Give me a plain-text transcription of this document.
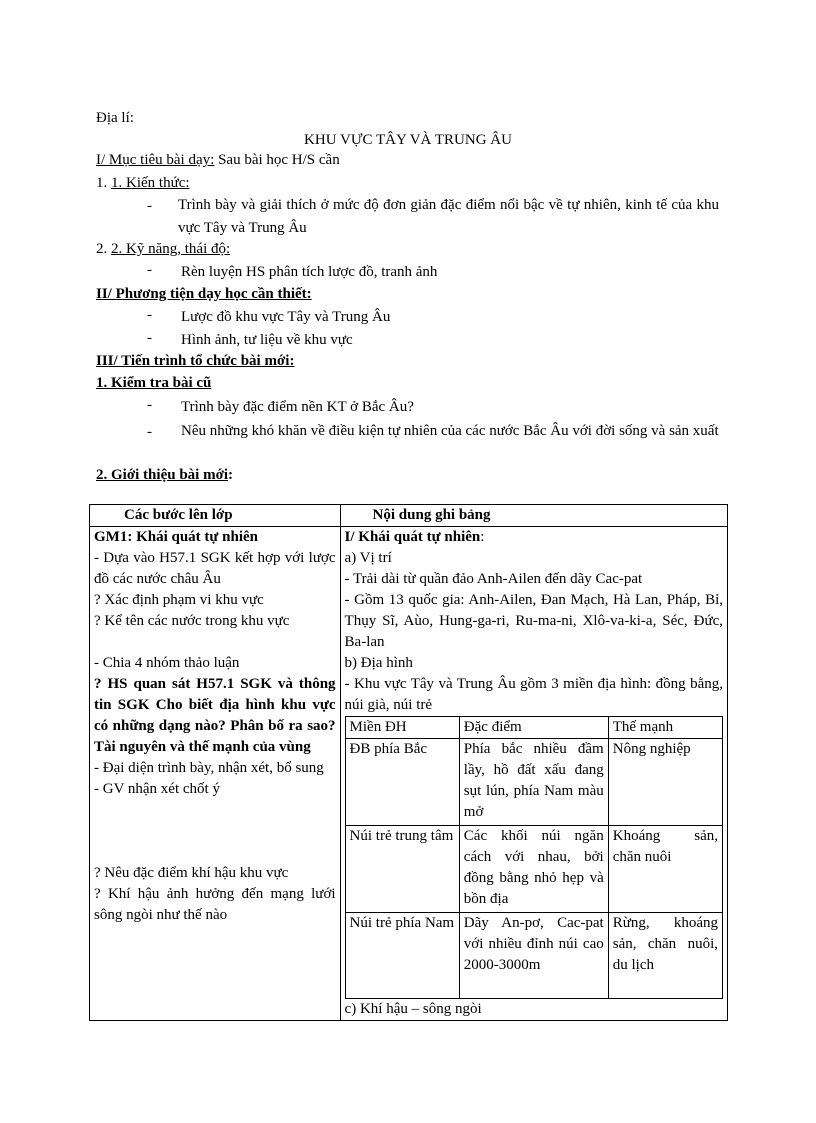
Địa lí:
KHU VỰC TÂY VÀ TRUNG ÂU
I/ Mục tiêu bài dạy: Sau bài học H/S cần
1. 1. Kiến thức:
- Trình bày và giải thích ở mức độ đơn giản đặc điểm nổi bậc về tự nhiên, kinh tế của khu vực Tây và Trung Âu
2. 2. Kỹ năng, thái độ:
- Rèn luyện HS phân tích lược đồ, tranh ảnh
II/ Phương tiện dạy học cần thiết:
- Lược đồ khu vực Tây và Trung Âu
- Hình ảnh, tư liệu về khu vực
III/ Tiến trình tổ chức bài mới:
1. Kiểm tra bài cũ
- Trình bày đặc điểm nền KT ở Bắc Âu?
- Nêu những khó khăn về điều kiện tự nhiên của các nước Bắc Âu với đời sống và sản xuất
2. Giới thiệu bài mới:
Các bước lên lớp	Nội dung ghi bảng

GM1: Khái quát tự nhiên
- Dựa vào H57.1 SGK kết hợp với lược đồ các nước châu Âu
? Xác định phạm vi khu vực
? Kể tên các nước trong khu vực
- Chia 4 nhóm thảo luận
? HS quan sát H57.1 SGK và thông tin SGK Cho biết địa hình khu vực có những dạng nào? Phân bố ra sao? Tài nguyên và thế mạnh của vùng
- Đại diện trình bày, nhận xét, bổ sung
- GV nhận xét chốt ý
? Nêu đặc điểm khí hậu khu vực
? Khí hậu ảnh hưởng đến mạng lưới sông ngòi như thế nào

I/ Khái quát tự nhiên:
a) Vị trí
- Trải dài từ quần đảo Anh-Ailen đến dãy Cac-pat
- Gồm 13 quốc gia: Anh-Ailen, Đan Mạch, Hà Lan, Pháp, Bỉ, Thụy Sĩ, Aùo, Hung-ga-ri, Ru-ma-ni, Xlô-va-ki-a, Séc, Đức, Ba-lan
b) Địa hình
- Khu vực Tây và Trung Âu gồm 3 miền địa hình: đồng bằng, núi già, núi trẻ
Miền ĐH	Đặc điểm	Thế mạnh
ĐB phía Bắc	Phía bắc nhiều đầm lầy, hồ đất xấu đang sụt lún, phía Nam màu mở	Nông nghiệp
Núi trẻ trung tâm	Các khối núi ngăn cách với nhau, bởi đồng bằng nhỏ hẹp và bồn địa	Khoáng sản, chăn nuôi
Núi trẻ phía Nam	Dãy An-pơ, Cac-pat với nhiều đỉnh núi cao 2000-3000m	Rừng, khoáng sản, chăn nuôi, du lịch
c) Khí hậu – sông ngòi
